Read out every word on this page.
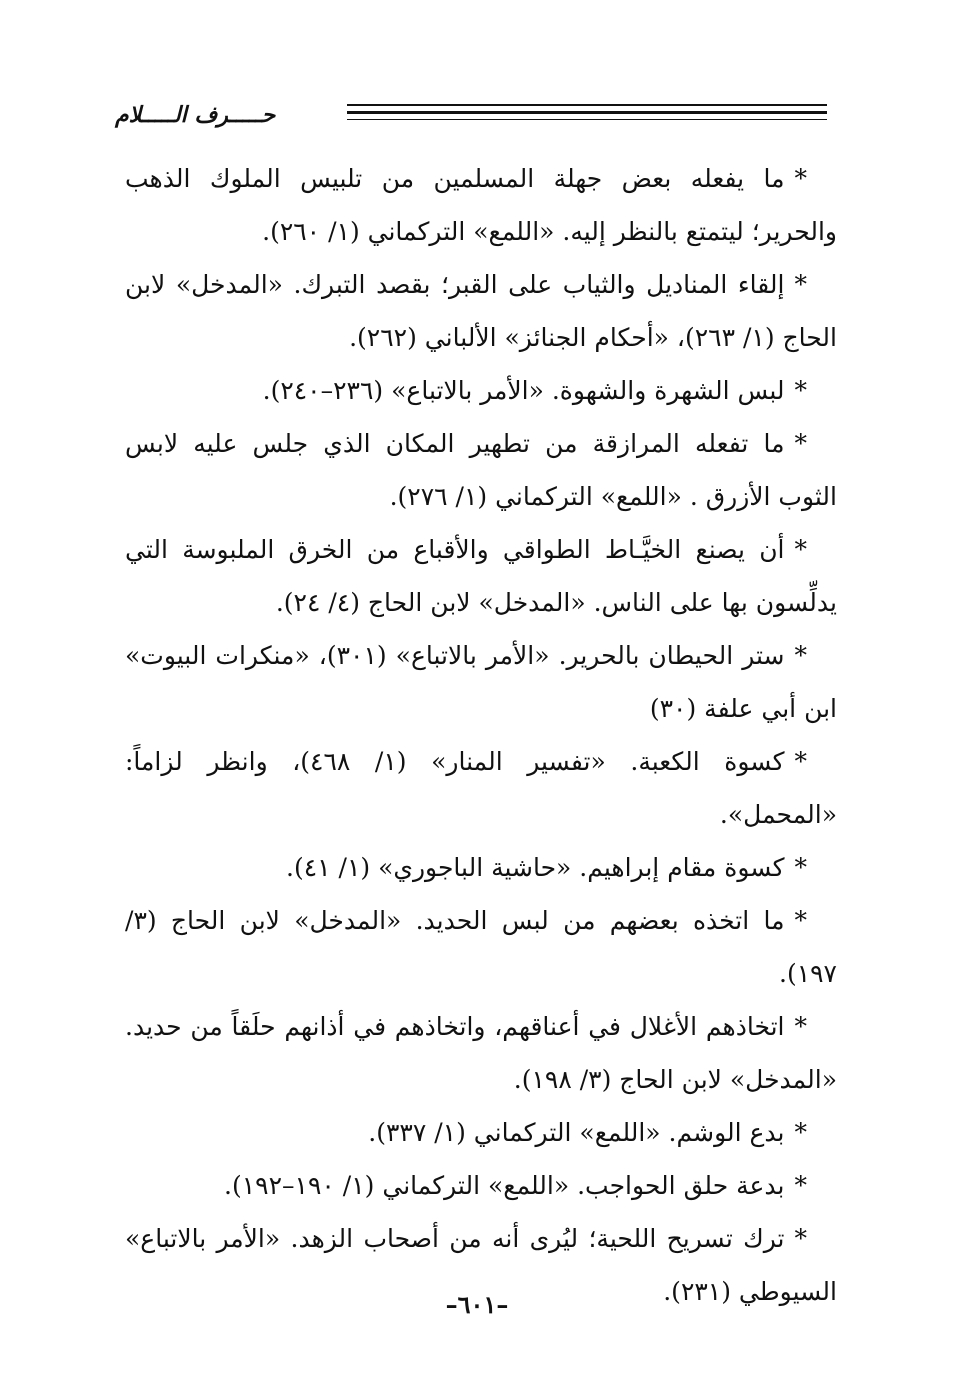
حـــــرف الـــــلام

*ما يفعله بعض جهلة المسلمين من تلبيس الملوك الذهب والحرير؛ ليتمتع بالنظر إليه. «اللمع» التركماني (١/ ٢٦٠).

*إلقاء المناديل والثياب على القبر؛ بقصد التبرك. «المدخل» لابن الحاج (١/ ٢٦٣)، «أحكام الجنائز» الألباني (٢٦٢).

*لبس الشهرة والشهوة. «الأمر بالاتباع» (٢٣٦–٢٤٠).

*ما تفعله المرازقة من تطهير المكان الذي جلس عليه لابس الثوب الأزرق . «اللمع» التركماني (١/ ٢٧٦).

*أن يصنع الخيَّـاط الطواقي والأقباع من الخرق الملبوسة التي يدلِّسون بها على الناس. «المدخل» لابن الحاج (٤/ ٢٤).

*ستر الحيطان بالحرير. «الأمر بالاتباع» (٣٠١)، «منكرات البيوت» ابن أبي علفة (٣٠)

*كسوة الكعبة. «تفسير المنار» (١/ ٤٦٨)، وانظر لزاماً: «المحمل».

*كسوة مقام إبراهيم. «حاشية الباجوري» (١/ ٤١).

*ما اتخذه بعضهم من لبس الحديد. «المدخل» لابن الحاج (٣/ ١٩٧).

*اتخاذهم الأغلال في أعناقهم، واتخاذهم في أذانهم حلَقاً من حديد. «المدخل» لابن الحاج (٣/ ١٩٨).

*بدع الوشم. «اللمع» التركماني (١/ ٣٣٧).

*بدعة حلق الحواجب. «اللمع» التركماني (١/ ١٩٠–١٩٢).

*ترك تسريح اللحية؛ ليُرى أنه من أصحاب الزهد. «الأمر بالاتباع» السيوطي (٢٣١).

–٦٠١–
